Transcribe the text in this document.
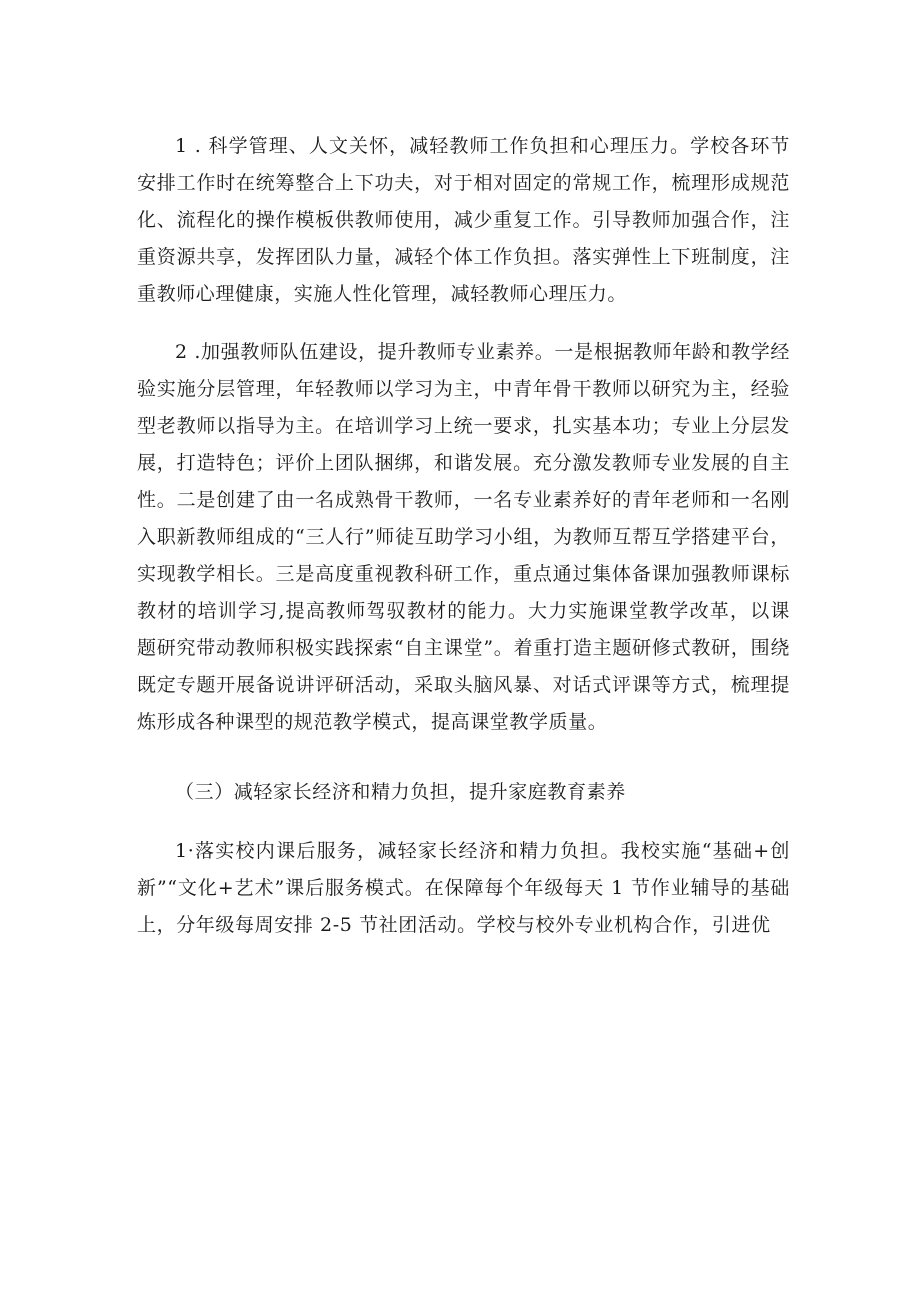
1 . 科学管理、人文关怀，减轻教师工作负担和心理压力。学校各环节安排工作时在统筹整合上下功夫，对于相对固定的常规工作，梳理形成规范化、流程化的操作模板供教师使用，减少重复工作。引导教师加强合作，注重资源共享，发挥团队力量，减轻个体工作负担。落实弹性上下班制度，注重教师心理健康，实施人性化管理，减轻教师心理压力。

2 .加强教师队伍建设，提升教师专业素养。一是根据教师年龄和教学经验实施分层管理，年轻教师以学习为主，中青年骨干教师以研究为主，经验型老教师以指导为主。在培训学习上统一要求，扎实基本功；专业上分层发展，打造特色；评价上团队捆绑，和谐发展。充分激发教师专业发展的自主性。二是创建了由一名成熟骨干教师，一名专业素养好的青年老师和一名刚入职新教师组成的“三人行”师徒互助学习小组，为教师互帮互学搭建平台，实现教学相长。三是高度重视教科研工作，重点通过集体备课加强教师课标教材的培训学习,提高教师驾驭教材的能力。大力实施课堂教学改革，以课题研究带动教师积极实践探索“自主课堂”。着重打造主题研修式教研，围绕既定专题开展备说讲评研活动，采取头脑风暴、对话式评课等方式，梳理提炼形成各种课型的规范教学模式，提高课堂教学质量。

（三）减轻家长经济和精力负担，提升家庭教育素养

1·落实校内课后服务，减轻家长经济和精力负担。我校实施“基础+创新”“文化+艺术”课后服务模式。在保障每个年级每天 1 节作业辅导的基础上，分年级每周安排 2-5 节社团活动。学校与校外专业机构合作，引进优
